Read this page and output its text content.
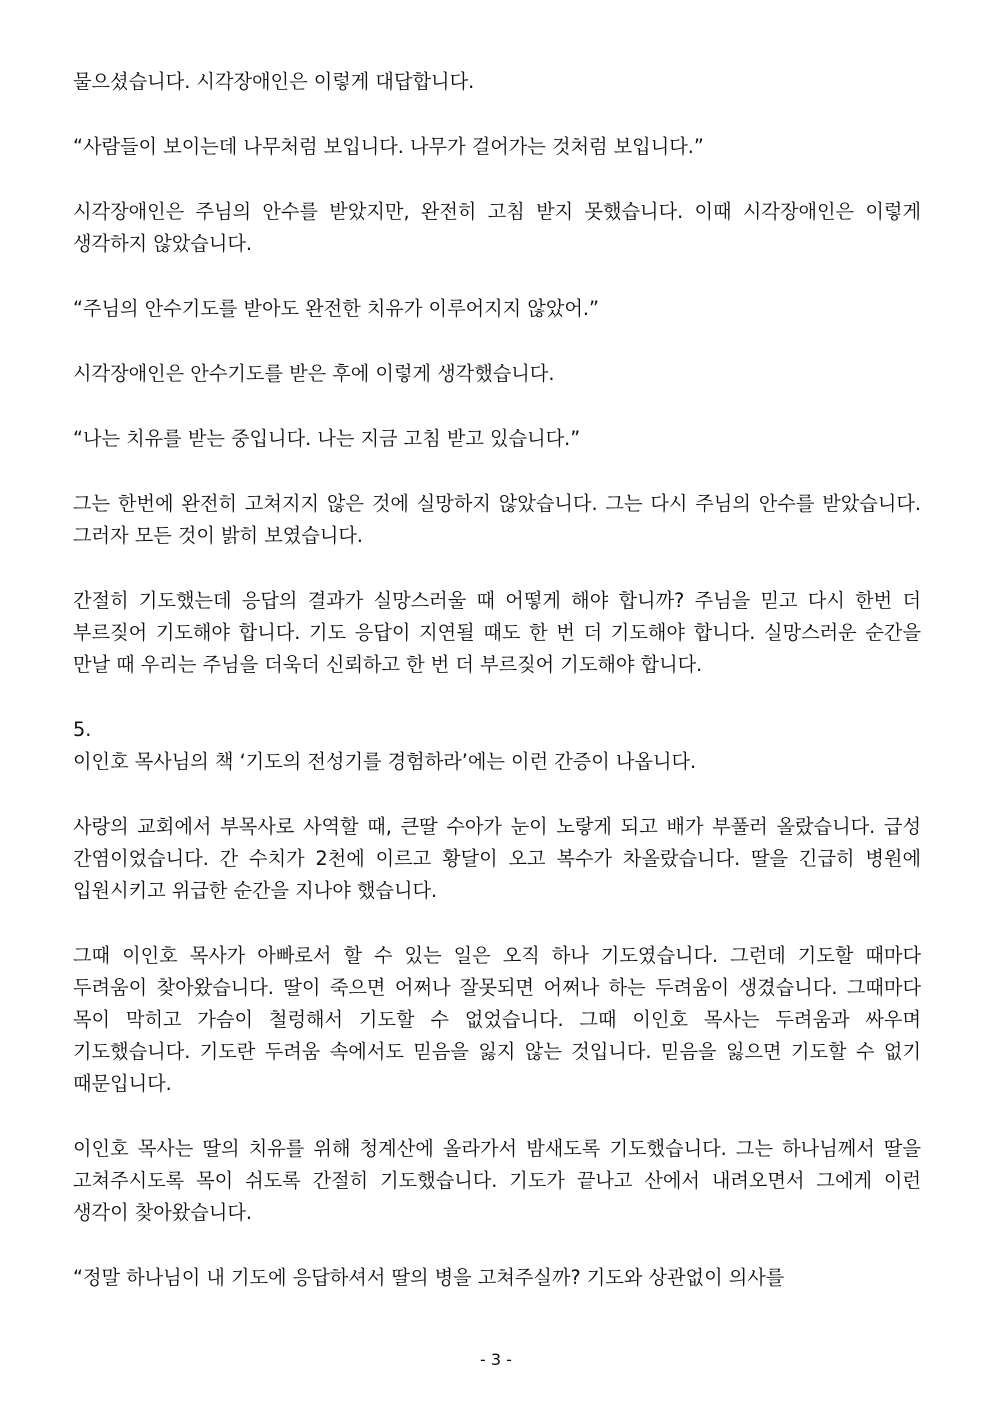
물으셨습니다. 시각장애인은 이렇게 대답합니다.

“사람들이 보이는데 나무처럼 보입니다. 나무가 걸어가는 것처럼 보입니다.”

시각장애인은 주님의 안수를 받았지만, 완전히 고침 받지 못했습니다. 이때 시각장애인은 이렇게 생각하지 않았습니다.

“주님의 안수기도를 받아도 완전한 치유가 이루어지지 않았어.”

시각장애인은 안수기도를 받은 후에 이렇게 생각했습니다.

“나는 치유를 받는 중입니다. 나는 지금 고침 받고 있습니다.”

그는 한번에 완전히 고쳐지지 않은 것에 실망하지 않았습니다. 그는 다시 주님의 안수를 받았습니다. 그러자 모든 것이 밝히 보였습니다.

간절히 기도했는데 응답의 결과가 실망스러울 때 어떻게 해야 합니까? 주님을 믿고 다시 한번 더 부르짖어 기도해야 합니다. 기도 응답이 지연될 때도 한 번 더 기도해야 합니다. 실망스러운 순간을 만날 때 우리는 주님을 더욱더 신뢰하고 한 번 더 부르짖어 기도해야 합니다.

5.
이인호 목사님의 책 ‘기도의 전성기를 경험하라’에는 이런 간증이 나옵니다.

사랑의 교회에서 부목사로 사역할 때, 큰딸 수아가 눈이 노랗게 되고 배가 부풀러 올랐습니다. 급성 간염이었습니다. 간 수치가 2천에 이르고 황달이 오고 복수가 차올랐습니다. 딸을 긴급히 병원에 입원시키고 위급한 순간을 지나야 했습니다.

그때 이인호 목사가 아빠로서 할 수 있는 일은 오직 하나 기도였습니다. 그런데 기도할 때마다 두려움이 찾아왔습니다. 딸이 죽으면 어쩌나 잘못되면 어쩌나 하는 두려움이 생겼습니다. 그때마다 목이 막히고 가슴이 철렁해서 기도할 수 없었습니다. 그때 이인호 목사는 두려움과 싸우며 기도했습니다. 기도란 두려움 속에서도 믿음을 잃지 않는 것입니다. 믿음을 잃으면 기도할 수 없기 때문입니다.

이인호 목사는 딸의 치유를 위해 청계산에 올라가서 밤새도록 기도했습니다. 그는 하나님께서 딸을 고쳐주시도록 목이 쉬도록 간절히 기도했습니다. 기도가 끝나고 산에서 내려오면서 그에게 이런 생각이 찾아왔습니다.

“정말 하나님이 내 기도에 응답하셔서 딸의 병을 고쳐주실까? 기도와 상관없이 의사를

- 3 -
